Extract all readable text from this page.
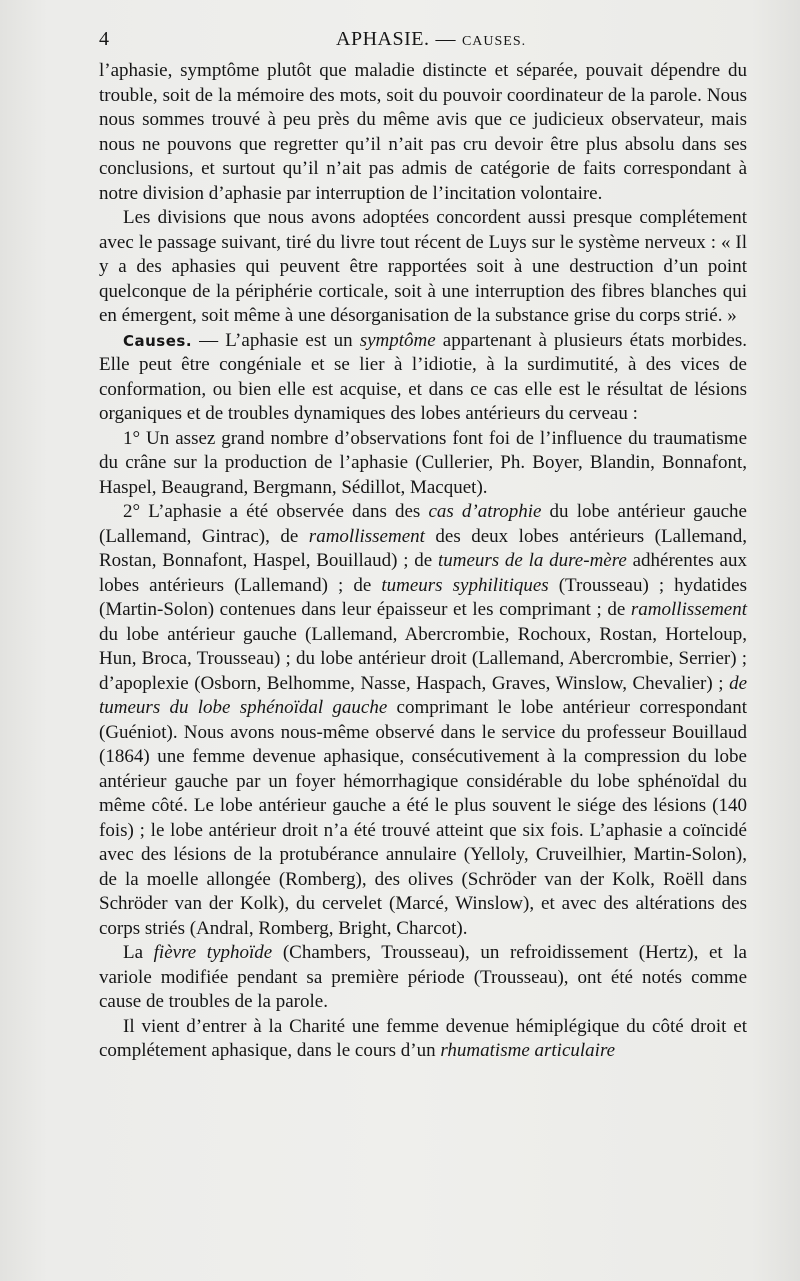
4	APHASIE. — CAUSES.

l’aphasie, symptôme plutôt que maladie distincte et séparée, pouvait dépendre du trouble, soit de la mémoire des mots, soit du pouvoir coordinateur de la parole. Nous nous sommes trouvé à peu près du même avis que ce judicieux observateur, mais nous ne pouvons que regretter qu’il n’ait pas cru devoir être plus absolu dans ses conclusions, et surtout qu’il n’ait pas admis de catégorie de faits correspondant à notre division d’aphasie par interruption de l’incitation volontaire.

Les divisions que nous avons adoptées concordent aussi presque complétement avec le passage suivant, tiré du livre tout récent de Luys sur le système nerveux : « Il y a des aphasies qui peuvent être rapportées soit à une destruction d’un point quelconque de la périphérie corticale, soit à une interruption des fibres blanches qui en émergent, soit même à une désorganisation de la substance grise du corps strié. »

Causes. — L’aphasie est un symptôme appartenant à plusieurs états morbides. Elle peut être congéniale et se lier à l’idiotie, à la surdimutité, à des vices de conformation, ou bien elle est acquise, et dans ce cas elle est le résultat de lésions organiques et de troubles dynamiques des lobes antérieurs du cerveau :

1° Un assez grand nombre d’observations font foi de l’influence du traumatisme du crâne sur la production de l’aphasie (Cullerier, Ph. Boyer, Blandin, Bonnafont, Haspel, Beaugrand, Bergmann, Sédillot, Macquet).

2° L’aphasie a été observée dans des cas d’atrophie du lobe antérieur gauche (Lallemand, Gintrac), de ramollissement des deux lobes antérieurs (Lallemand, Rostan, Bonnafont, Haspel, Bouillaud) ; de tumeurs de la dure-mère adhérentes aux lobes antérieurs (Lallemand) ; de tumeurs syphilitiques (Trousseau) ; hydatides (Martin-Solon) contenues dans leur épaisseur et les comprimant ; de ramollissement du lobe antérieur gauche (Lallemand, Abercrombie, Rochoux, Rostan, Horteloup, Hun, Broca, Trousseau) ; du lobe antérieur droit (Lallemand, Abercrombie, Serrier) ; d’apoplexie (Osborn, Belhomme, Nasse, Haspach, Graves, Winslow, Chevalier) ; de tumeurs du lobe sphénoïdal gauche comprimant le lobe antérieur correspondant (Guéniot). Nous avons nous-même observé dans le service du professeur Bouillaud (1864) une femme devenue aphasique, consécutivement à la compression du lobe antérieur gauche par un foyer hémorrhagique considérable du lobe sphénoïdal du même côté. Le lobe antérieur gauche a été le plus souvent le siége des lésions (140 fois) ; le lobe antérieur droit n’a été trouvé atteint que six fois. L’aphasie a coïncidé avec des lésions de la protubérance annulaire (Yelloly, Cruveilhier, Martin-Solon), de la moelle allongée (Romberg), des olives (Schröder van der Kolk, Roëll dans Schröder van der Kolk), du cervelet (Marcé, Winslow), et avec des altérations des corps striés (Andral, Romberg, Bright, Charcot).

La fièvre typhoïde (Chambers, Trousseau), un refroidissement (Hertz), et la variole modifiée pendant sa première période (Trousseau), ont été notés comme cause de troubles de la parole.

Il vient d’entrer à la Charité une femme devenue hémiplégique du côté droit et complétement aphasique, dans le cours d’un rhumatisme articulaire
